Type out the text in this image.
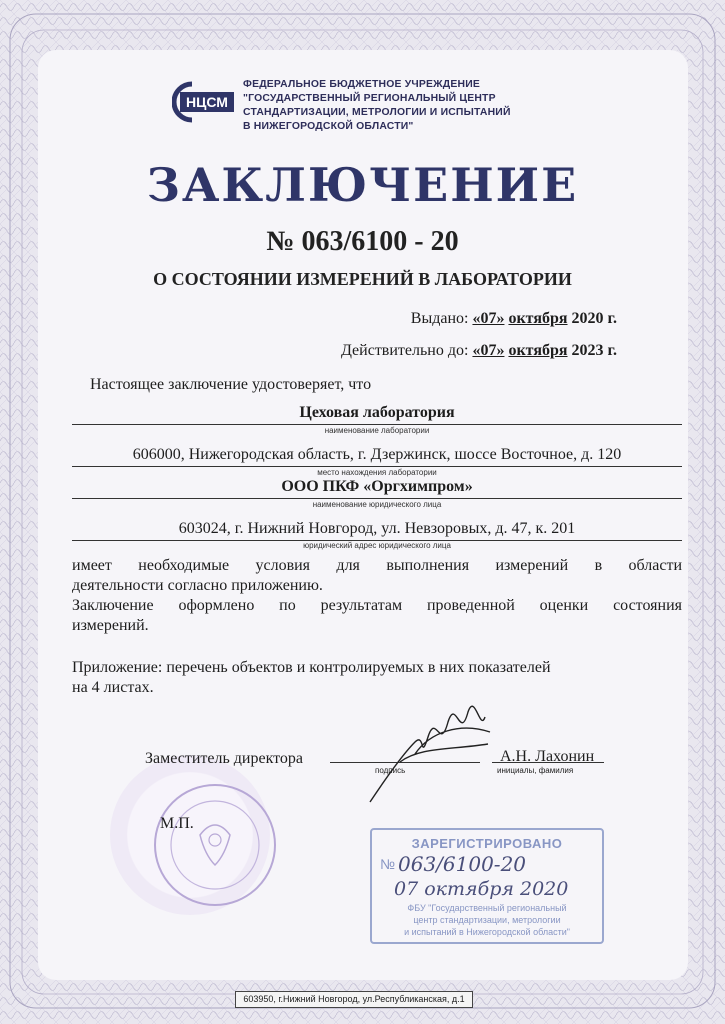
НЦСМ
ФЕДЕРАЛЬНОЕ БЮДЖЕТНОЕ УЧРЕЖДЕНИЕ
"ГОСУДАРСТВЕННЫЙ РЕГИОНАЛЬНЫЙ ЦЕНТР
СТАНДАРТИЗАЦИИ, МЕТРОЛОГИИ И ИСПЫТАНИЙ
В НИЖЕГОРОДСКОЙ ОБЛАСТИ"
ЗАКЛЮЧЕНИЕ
№ 063/6100 - 20
О СОСТОЯНИИ ИЗМЕРЕНИЙ В ЛАБОРАТОРИИ
Выдано: «07» октября 2020 г.
Действительно до: «07» октября 2023 г.
Настоящее заключение удостоверяет, что
Цеховая лаборатория
наименование лаборатории
606000, Нижегородская область, г. Дзержинск, шоссе Восточное, д. 120
место нахождения лаборатории
ООО ПКФ «Оргхимпром»
наименование юридического лица
603024, г. Нижний Новгород, ул. Невзоровых, д. 47, к. 201
юридический адрес юридического лица
имеет необходимые условия для выполнения измерений в области
деятельности согласно приложению.
Заключение оформлено по результатам проведенной оценки состояния
измерений.
Приложение: перечень объектов и контролируемых в них показателей
на 4 листах.
Заместитель директора
М.П.
подпись
А.Н. Лахонин
инициалы, фамилия
ЗАРЕГИСТРИРОВАНО
№ 063/6100-20
07 октября 2020
ФБУ "Государственный региональный
центр стандартизации, метрологии
и испытаний в Нижегородской области"
603950, г.Нижний Новгород, ул.Республиканская, д.1
